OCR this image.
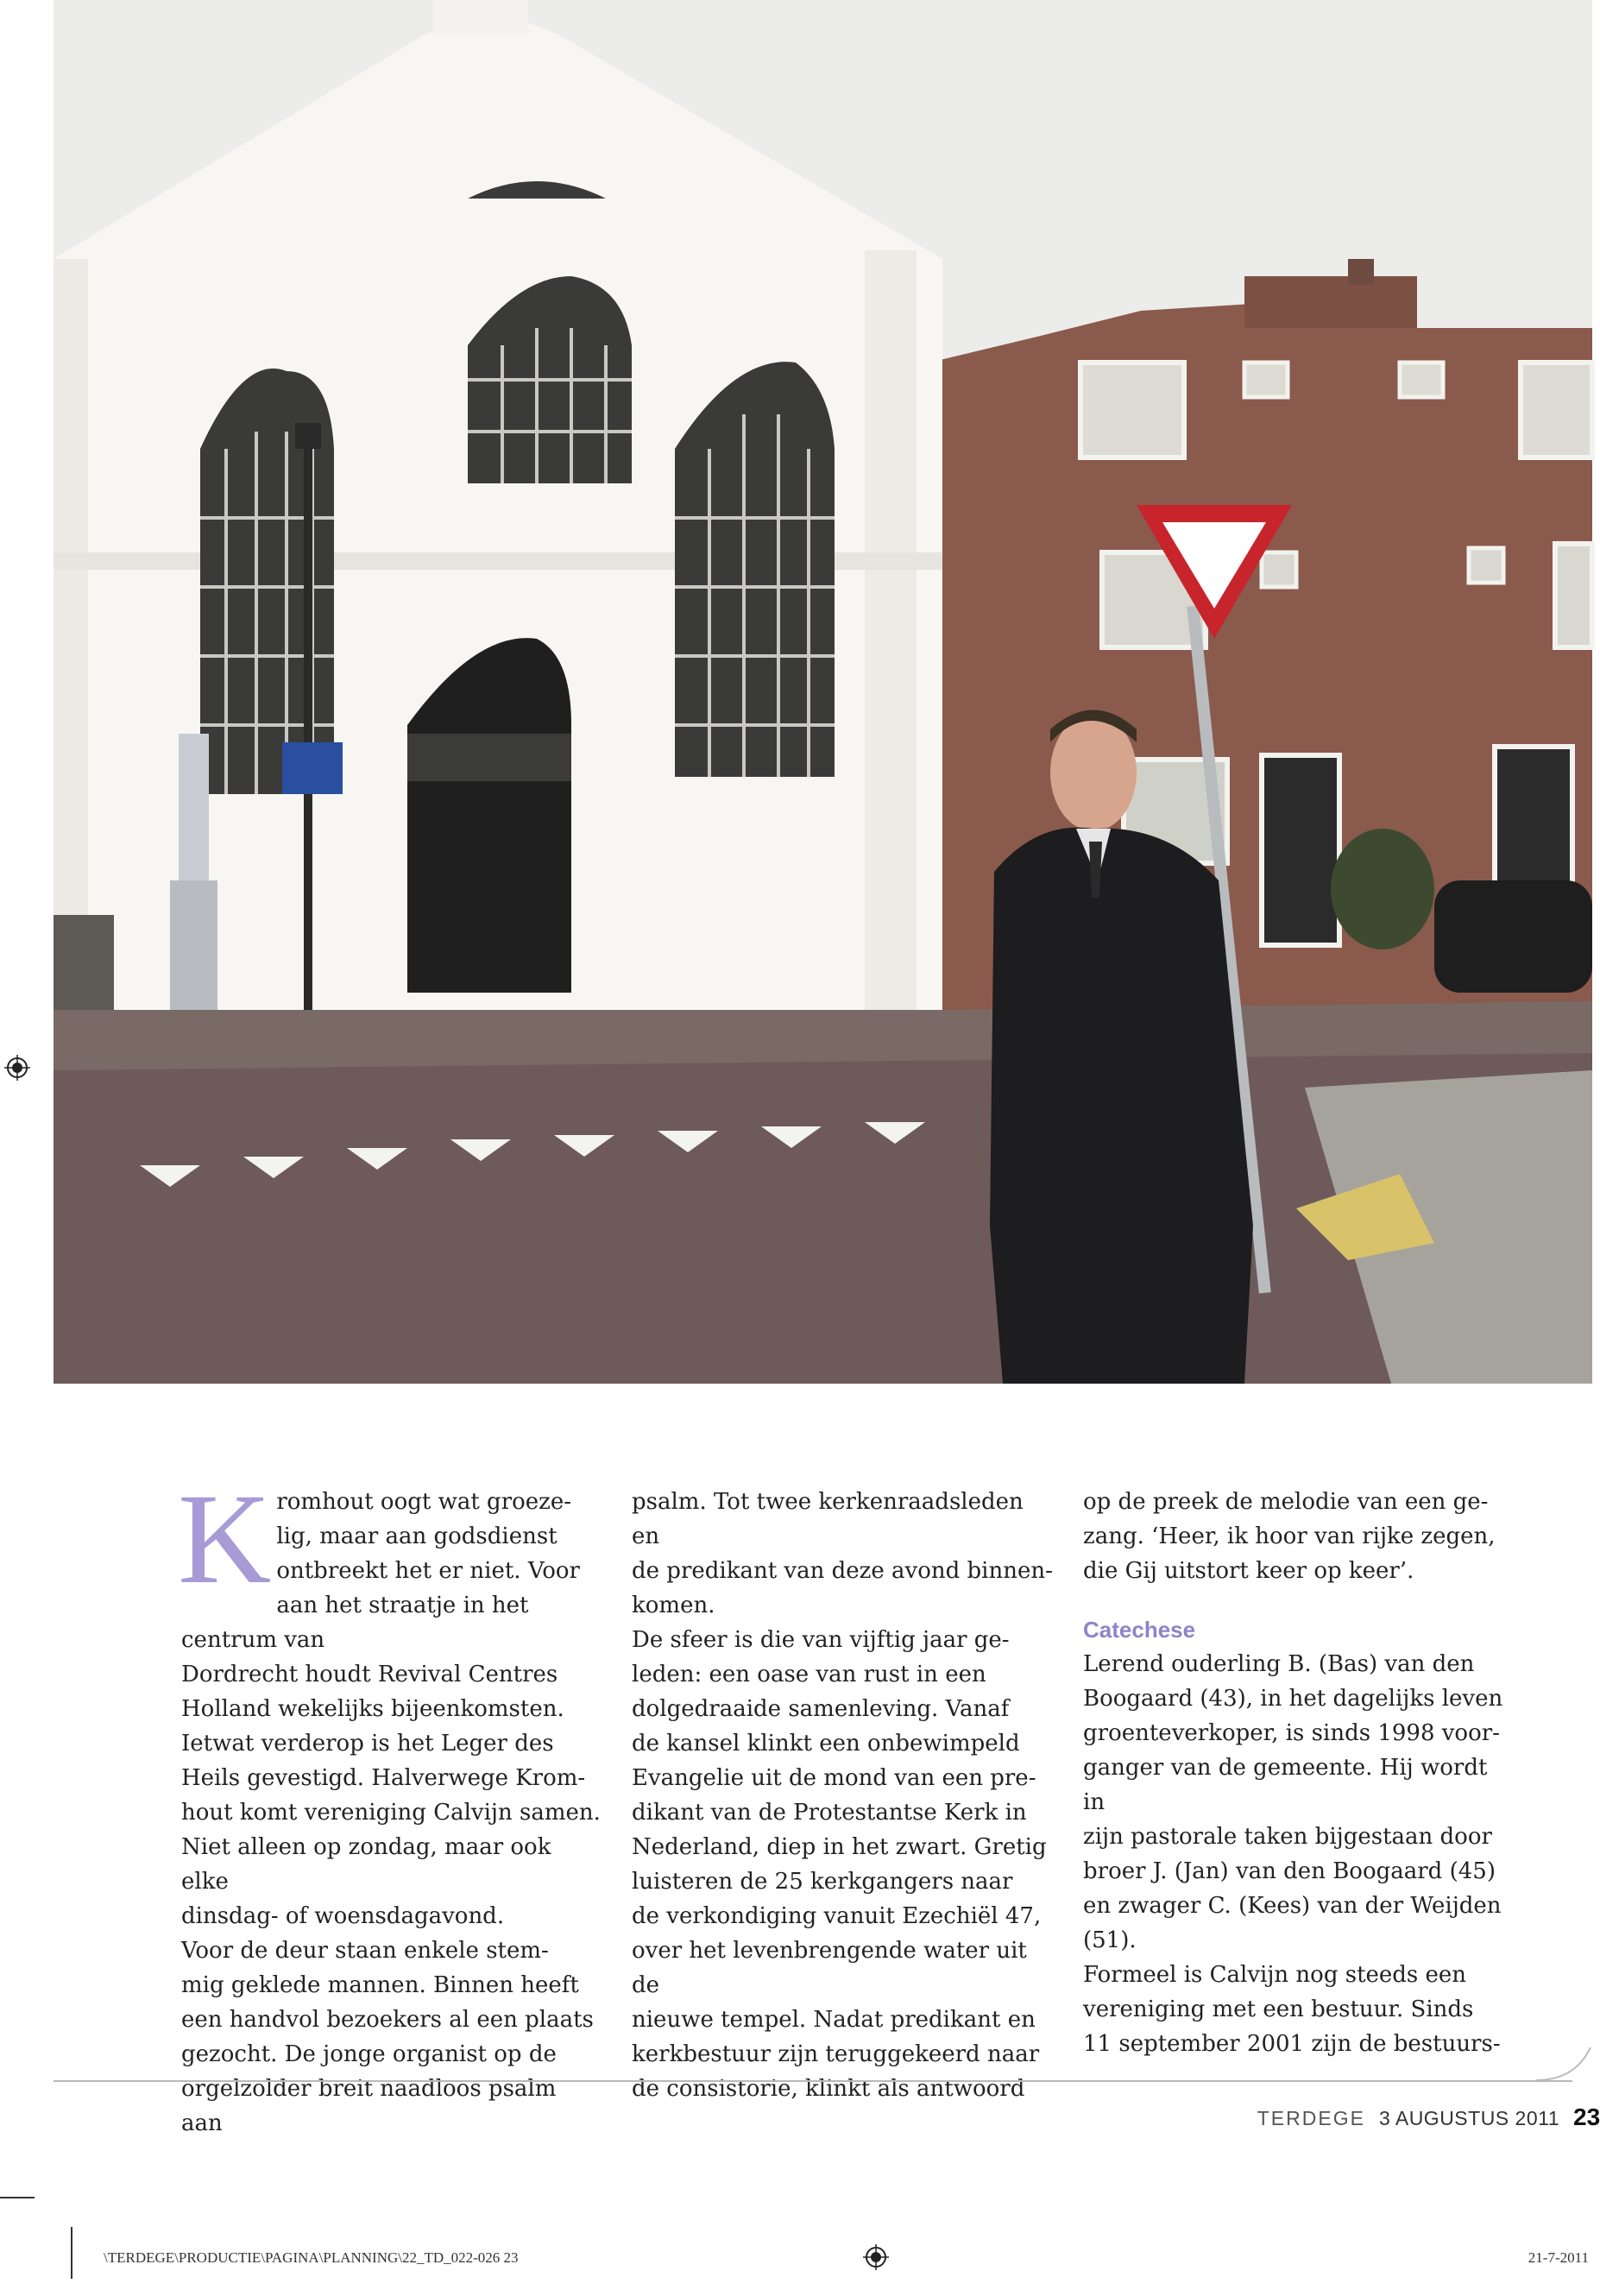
K romhout oogt wat groeze-
lig, maar aan godsdienst
ontbreekt het er niet. Voor
aan het straatje in het centrum van
Dordrecht houdt Revival Centres
Holland wekelijks bijeenkomsten.
Ietwat verderop is het Leger des
Heils gevestigd. Halverwege Krom-
hout komt vereniging Calvijn samen.
Niet alleen op zondag, maar ook elke
dinsdag- of woensdagavond.
Voor de deur staan enkele stem-
mig geklede mannen. Binnen heeft
een handvol bezoekers al een plaats
gezocht. De jonge organist op de
orgelzolder breit naadloos psalm aan

psalm. Tot twee kerkenraadsleden en
de predikant van deze avond binnen-
komen.
De sfeer is die van vijftig jaar ge-
leden: een oase van rust in een
dolgedraaide samenleving. Vanaf
de kansel klinkt een onbewimpeld
Evangelie uit de mond van een pre-
dikant van de Protestantse Kerk in
Nederland, diep in het zwart. Gretig
luisteren de 25 kerkgangers naar
de verkondiging vanuit Ezechiël 47,
over het levenbrengende water uit de
nieuwe tempel. Nadat predikant en
kerkbestuur zijn teruggekeerd naar
de consistorie, klinkt als antwoord

op de preek de melodie van een ge-
zang. ‘Heer, ik hoor van rijke zegen,
die Gij uitstort keer op keer’.

Catechese

Lerend ouderling B. (Bas) van den
Boogaard (43), in het dagelijks leven
groenteverkoper, is sinds 1998 voor-
ganger van de gemeente. Hij wordt in
zijn pastorale taken bijgestaan door
broer J. (Jan) van den Boogaard (45)
en zwager C. (Kees) van der Weijden
(51).
Formeel is Calvijn nog steeds een
vereniging met een bestuur. Sinds
11 september 2001 zijn de bestuurs-

TERDEGE 3 AUGUSTUS 2011 23
\TERDEGE\PRODUCTIE\PAGINA\PLANNING\22_TD_022-026 23	21-7-2011
